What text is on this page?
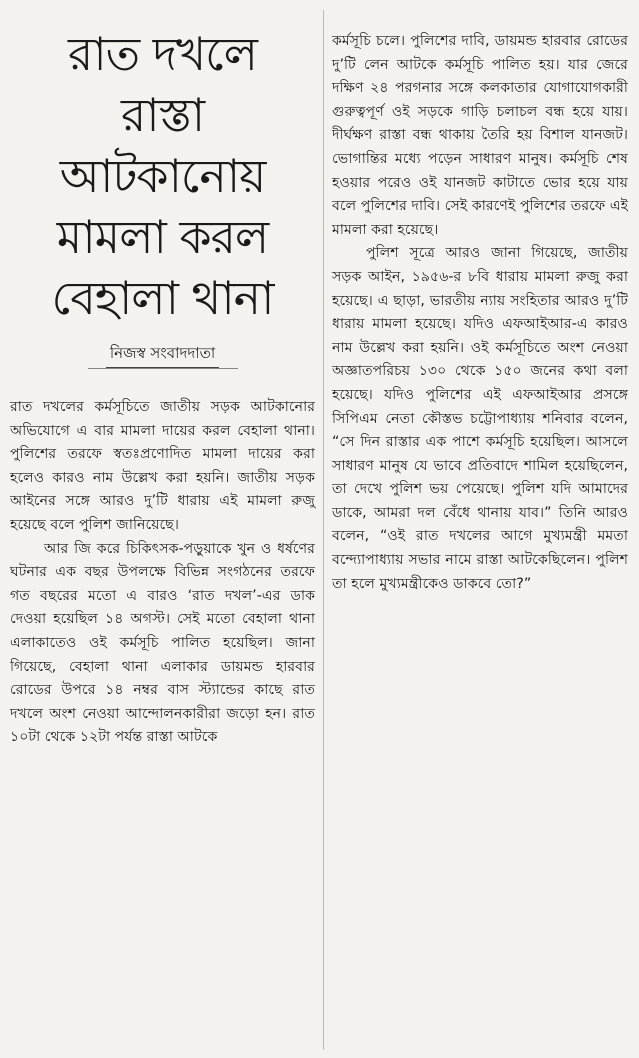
রাত দখলে
রাস্তা
আটকানোয়
মামলা করল
বেহালা থানা
নিজস্ব সংবাদদাতা

রাত দখলের কর্মসূচিতে জাতীয় সড়ক আটকানোর অভিযোগে এ বার মামলা দায়ের করল বেহালা থানা। পুলিশের তরফে স্বতঃপ্রণোদিত মামলা দায়ের করা হলেও কারও নাম উল্লেখ করা হয়নি। জাতীয় সড়ক আইনের সঙ্গে আরও দু’টি ধারায় এই মামলা রুজু হয়েছে বলে পুলিশ জানিয়েছে।

আর জি করে চিকিৎসক-পড়ুয়াকে খুন ও ধর্ষণের ঘটনার এক বছর উপলক্ষে বিভিন্ন সংগঠনের তরফে গত বছরের মতো এ বারও ‘রাত দখল’-এর ডাক দেওয়া হয়েছিল ১৪ অগস্ট। সেই মতো বেহালা থানা এলাকাতেও ওই কর্মসূচি পালিত হয়েছিল। জানা গিয়েছে, বেহালা থানা এলাকার ডায়মন্ড হারবার রোডের উপরে ১৪ নম্বর বাস স্ট্যান্ডের কাছে রাত দখলে অংশ নেওয়া আন্দোলনকারীরা জড়ো হন। রাত ১০টা থেকে ১২টা পর্যন্ত রাস্তা আটকে

কর্মসূচি চলে। পুলিশের দাবি, ডায়মন্ড হারবার রোডের দু’টি লেন আটকে কর্মসূচি পালিত হয়। যার জেরে দক্ষিণ ২৪ পরগনার সঙ্গে কলকাতার যোগাযোগকারী গুরুত্বপূর্ণ ওই সড়কে গাড়ি চলাচল বন্ধ হয়ে যায়। দীর্ঘক্ষণ রাস্তা বন্ধ থাকায় তৈরি হয় বিশাল যানজট। ভোগান্তির মধ্যে পড়েন সাধারণ মানুষ। কর্মসূচি শেষ হওয়ার পরেও ওই যানজট কাটাতে ভোর হয়ে যায় বলে পুলিশের দাবি। সেই কারণেই পুলিশের তরফে এই মামলা করা হয়েছে।

পুলিশ সূত্রে আরও জানা গিয়েছে, জাতীয় সড়ক আইন, ১৯৫৬-র ৮বি ধারায় মামলা রুজু করা হয়েছে। এ ছাড়া, ভারতীয় ন্যায় সংহিতার আরও দু’টি ধারায় মামলা হয়েছে। যদিও এফআইআর-এ কারও নাম উল্লেখ করা হয়নি। ওই কর্মসূচিতে অংশ নেওয়া অজ্ঞাতপরিচয় ১৩০ থেকে ১৫০ জনের কথা বলা হয়েছে। যদিও পুলিশের এই এফআইআর প্রসঙ্গে সিপিএম নেতা কৌস্তভ চট্টোপাধ্যায় শনিবার বলেন, “সে দিন রাস্তার এক পাশে কর্মসূচি হয়েছিল। আসলে সাধারণ মানুষ যে ভাবে প্রতিবাদে শামিল হয়েছিলেন, তা দেখে পুলিশ ভয় পেয়েছে। পুলিশ যদি আমাদের ডাকে, আমরা দল বেঁধে থানায় যাব।” তিনি আরও বলেন, “ওই রাত দখলের আগে মুখ্যমন্ত্রী মমতা বন্দ্যোপাধ্যায় সভার নামে রাস্তা আটকেছিলেন। পুলিশ তা হলে মুখ্যমন্ত্রীকেও ডাকবে তো?”
